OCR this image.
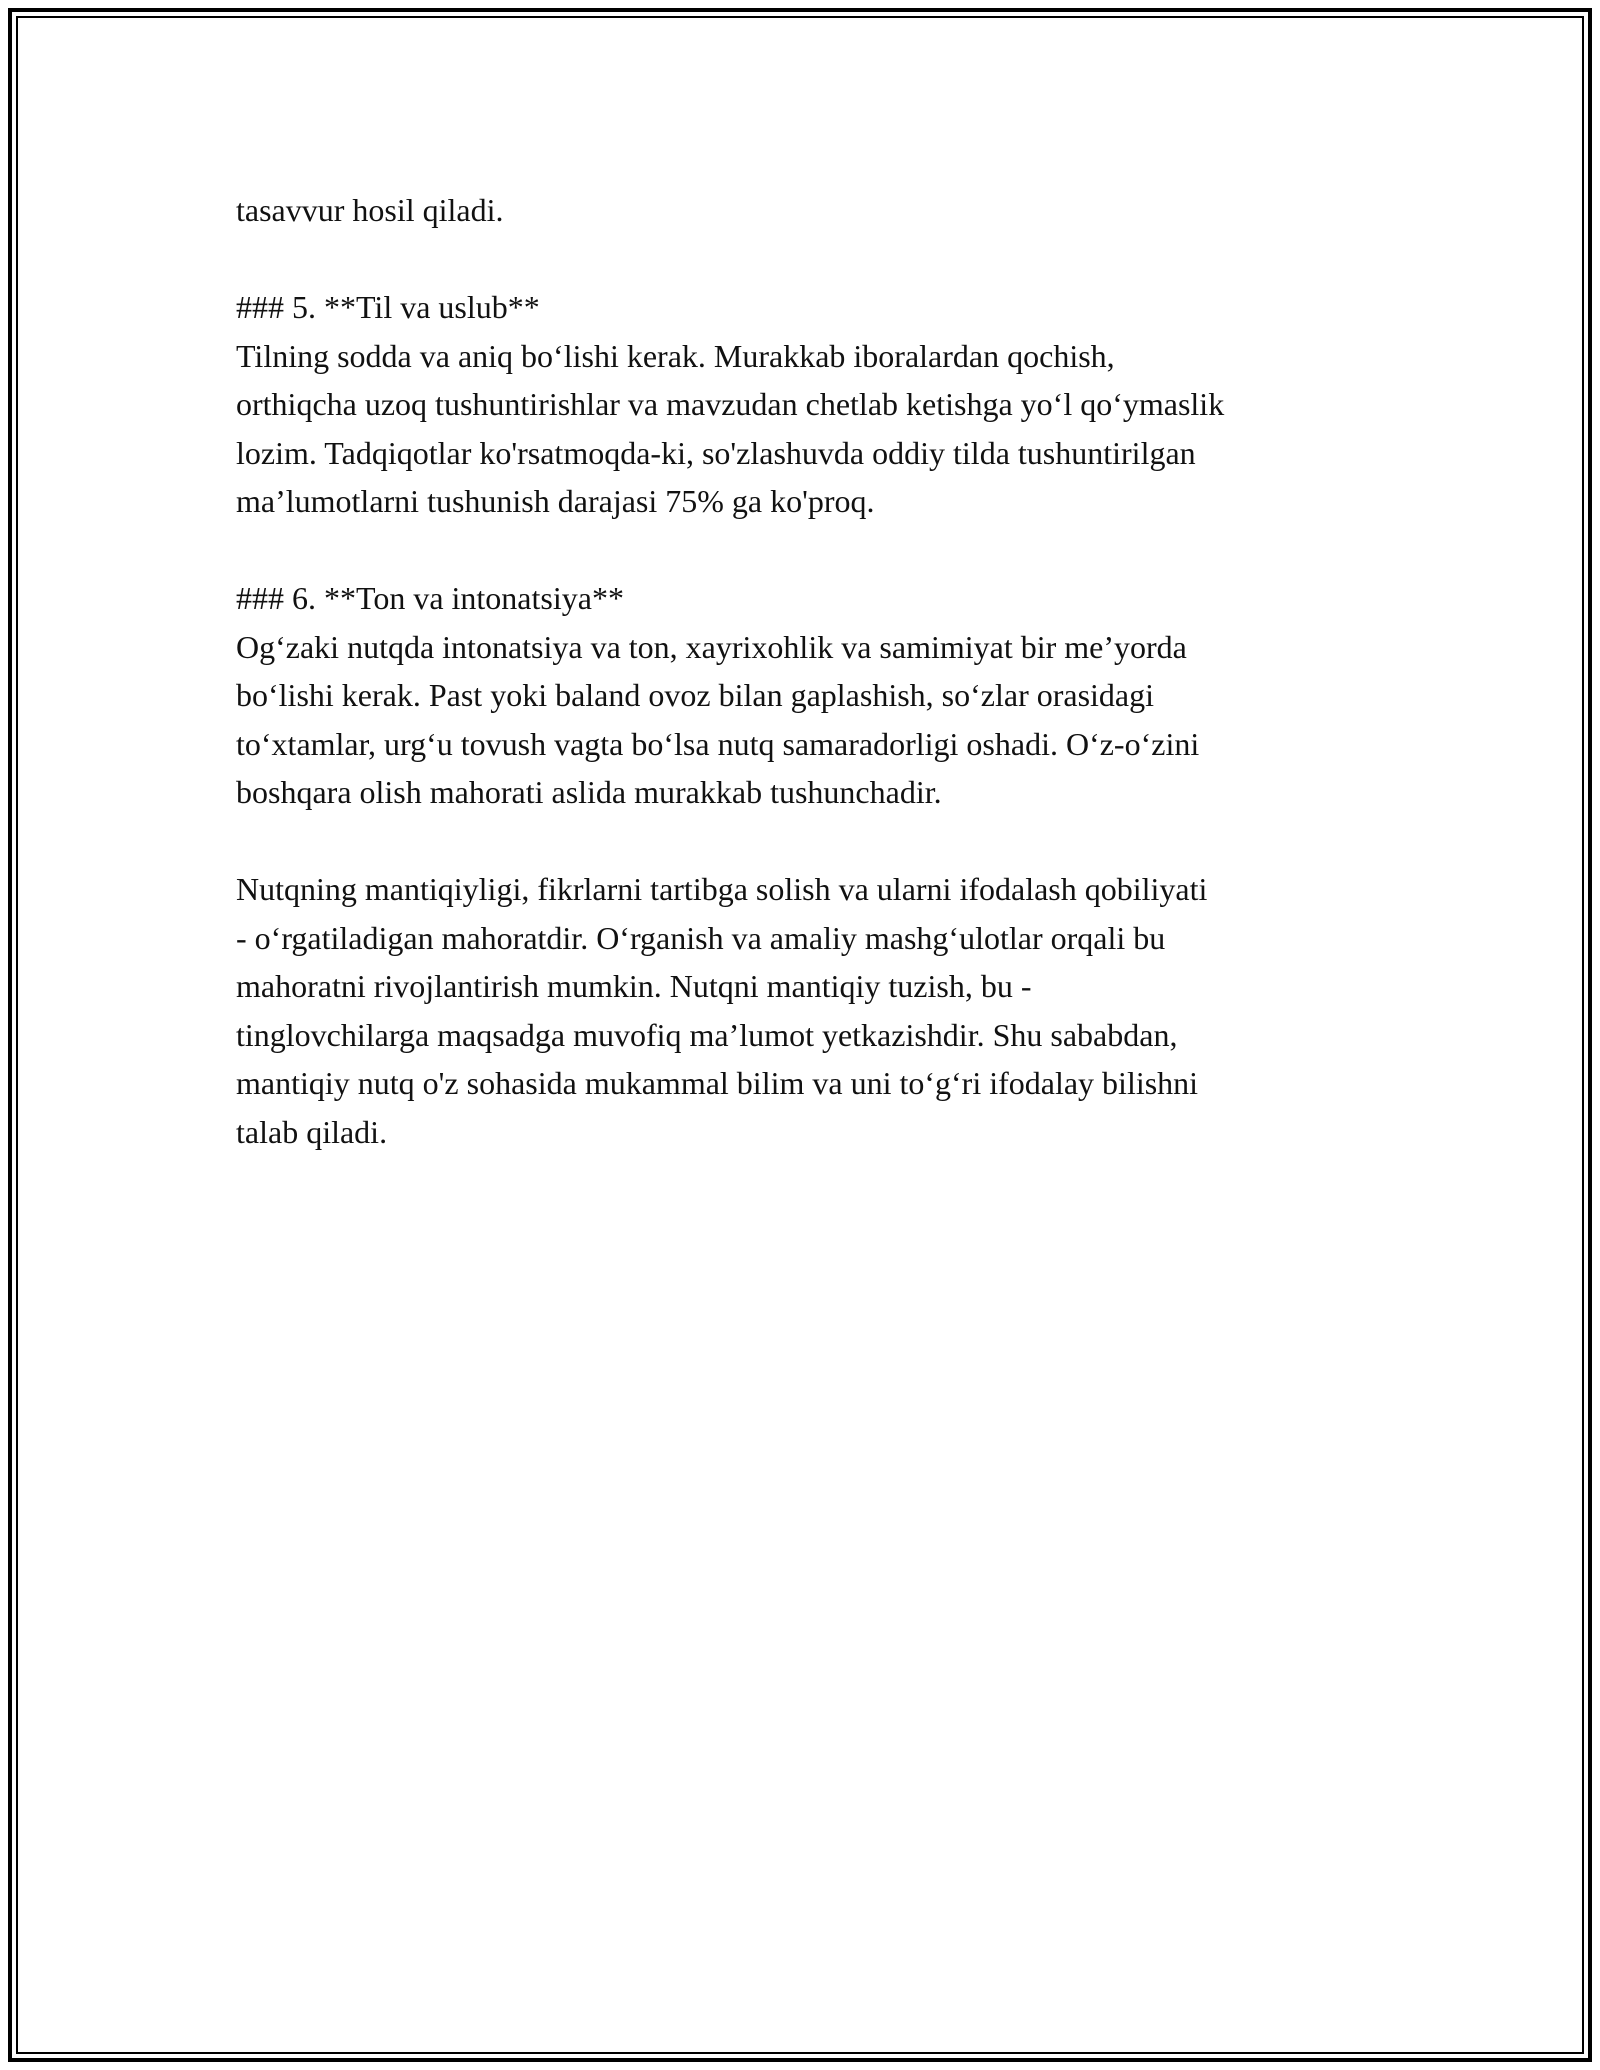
tasavvur hosil qiladi.

### 5. **Til va uslub**

Tilning sodda va aniq bo‘lishi kerak. Murakkab iboralardan qochish,
orthiqcha uzoq tushuntirishlar va mavzudan chetlab ketishga yo‘l qo‘ymaslik
lozim. Tadqiqotlar ko'rsatmoqda-ki, so'zlashuvda oddiy tilda tushuntirilgan
ma’lumotlarni tushunish darajasi 75% ga ko'proq.

### 6. **Ton va intonatsiya**

Og‘zaki nutqda intonatsiya va ton, xayrixohlik va samimiyat bir me’yorda
bo‘lishi kerak. Past yoki baland ovoz bilan gaplashish, so‘zlar orasidagi
to‘xtamlar, urg‘u tovush vagta bo‘lsa nutq samaradorligi oshadi. O‘z-o‘zini
boshqara olish mahorati aslida murakkab tushunchadir.

Nutqning mantiqiyligi, fikrlarni tartibga solish va ularni ifodalash qobiliyati
- o‘rgatiladigan mahoratdir. O‘rganish va amaliy mashg‘ulotlar orqali bu
mahoratni rivojlantirish mumkin. Nutqni mantiqiy tuzish, bu -
tinglovchilarga maqsadga muvofiq ma’lumot yetkazishdir. Shu sababdan,
mantiqiy nutq o'z sohasida mukammal bilim va uni to‘g‘ri ifodalay bilishni
talab qiladi.
